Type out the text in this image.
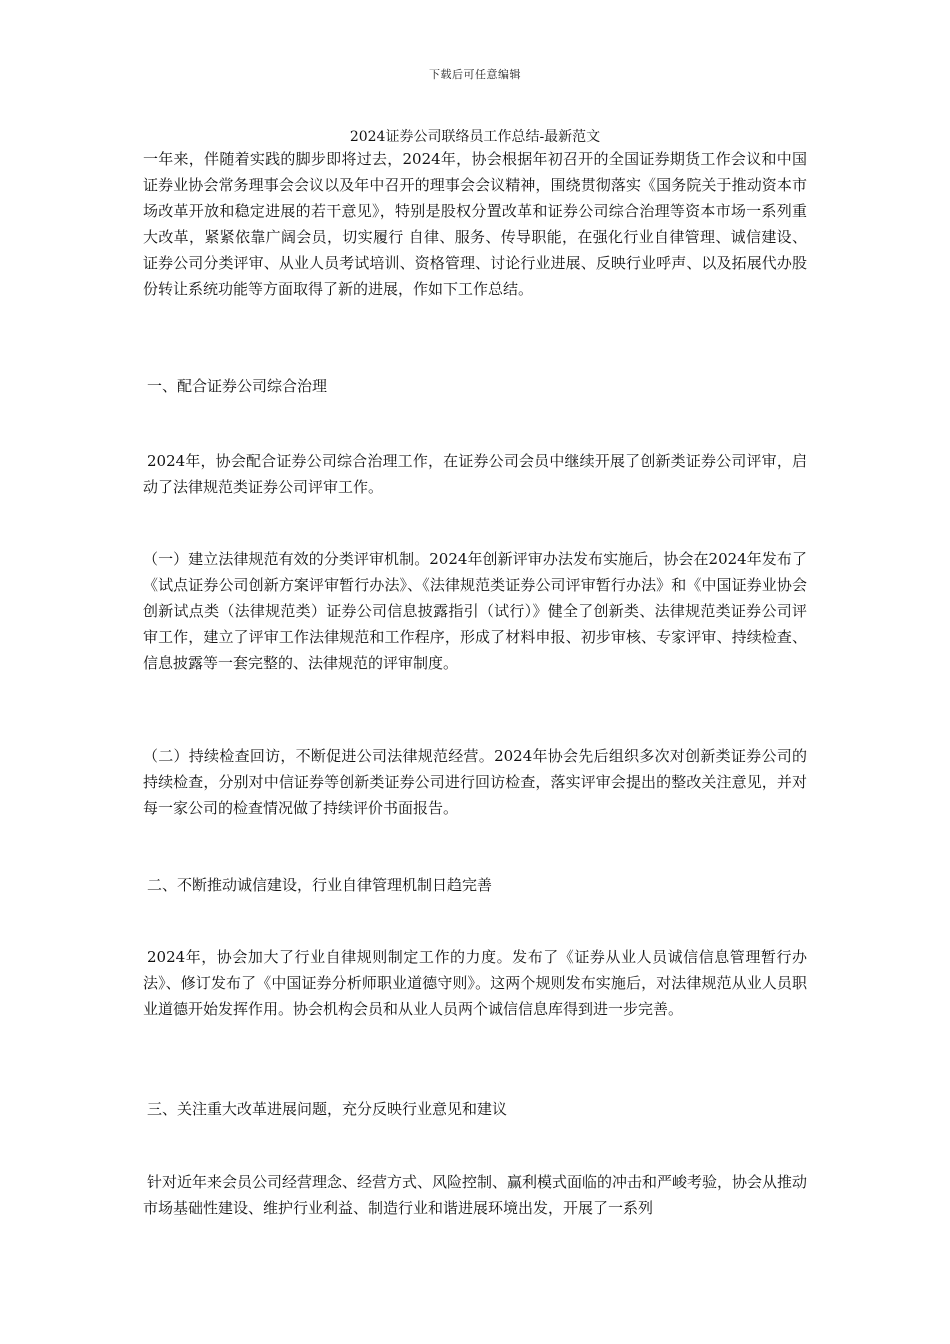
下载后可任意编辑
2024证券公司联络员工作总结-最新范文

一年来，伴随着实践的脚步即将过去，2024年，协会根据年初召开的全国证券期货工作会议和中国证券业协会常务理事会会议以及年中召开的理事会会议精神，围绕贯彻落实《国务院关于推动资本市场改革开放和稳定进展的若干意见》，特别是股权分置改革和证券公司综合治理等资本市场一系列重大改革，紧紧依靠广阔会员，切实履行 自律、服务、传导职能，在强化行业自律管理、诚信建设、证券公司分类评审、从业人员考试培训、资格管理、讨论行业进展、反映行业呼声、以及拓展代办股份转让系统功能等方面取得了新的进展，作如下工作总结。

一、配合证券公司综合治理

2024年，协会配合证券公司综合治理工作，在证券公司会员中继续开展了创新类证券公司评审，启动了法律规范类证券公司评审工作。

（一）建立法律规范有效的分类评审机制。2024年创新评审办法发布实施后，协会在2024年发布了《试点证券公司创新方案评审暂行办法》、《法律规范类证券公司评审暂行办法》和《中国证券业协会创新试点类（法律规范类）证券公司信息披露指引（试行）》健全了创新类、法律规范类证券公司评审工作，建立了评审工作法律规范和工作程序，形成了材料申报、初步审核、专家评审、持续检查、信息披露等一套完整的、法律规范的评审制度。

（二）持续检查回访，不断促进公司法律规范经营。2024年协会先后组织多次对创新类证券公司的持续检查，分别对中信证券等创新类证券公司进行回访检查，落实评审会提出的整改关注意见，并对每一家公司的检查情况做了持续评价书面报告。

二、不断推动诚信建设，行业自律管理机制日趋完善

2024年，协会加大了行业自律规则制定工作的力度。发布了《证券从业人员诚信信息管理暂行办法》、修订发布了《中国证券分析师职业道德守则》。这两个规则发布实施后，对法律规范从业人员职业道德开始发挥作用。协会机构会员和从业人员两个诚信信息库得到进一步完善。

三、关注重大改革进展问题，充分反映行业意见和建议

针对近年来会员公司经营理念、经营方式、风险控制、赢利模式面临的冲击和严峻考验，协会从推动市场基础性建设、维护行业利益、制造行业和谐进展环境出发，开展了一系列
